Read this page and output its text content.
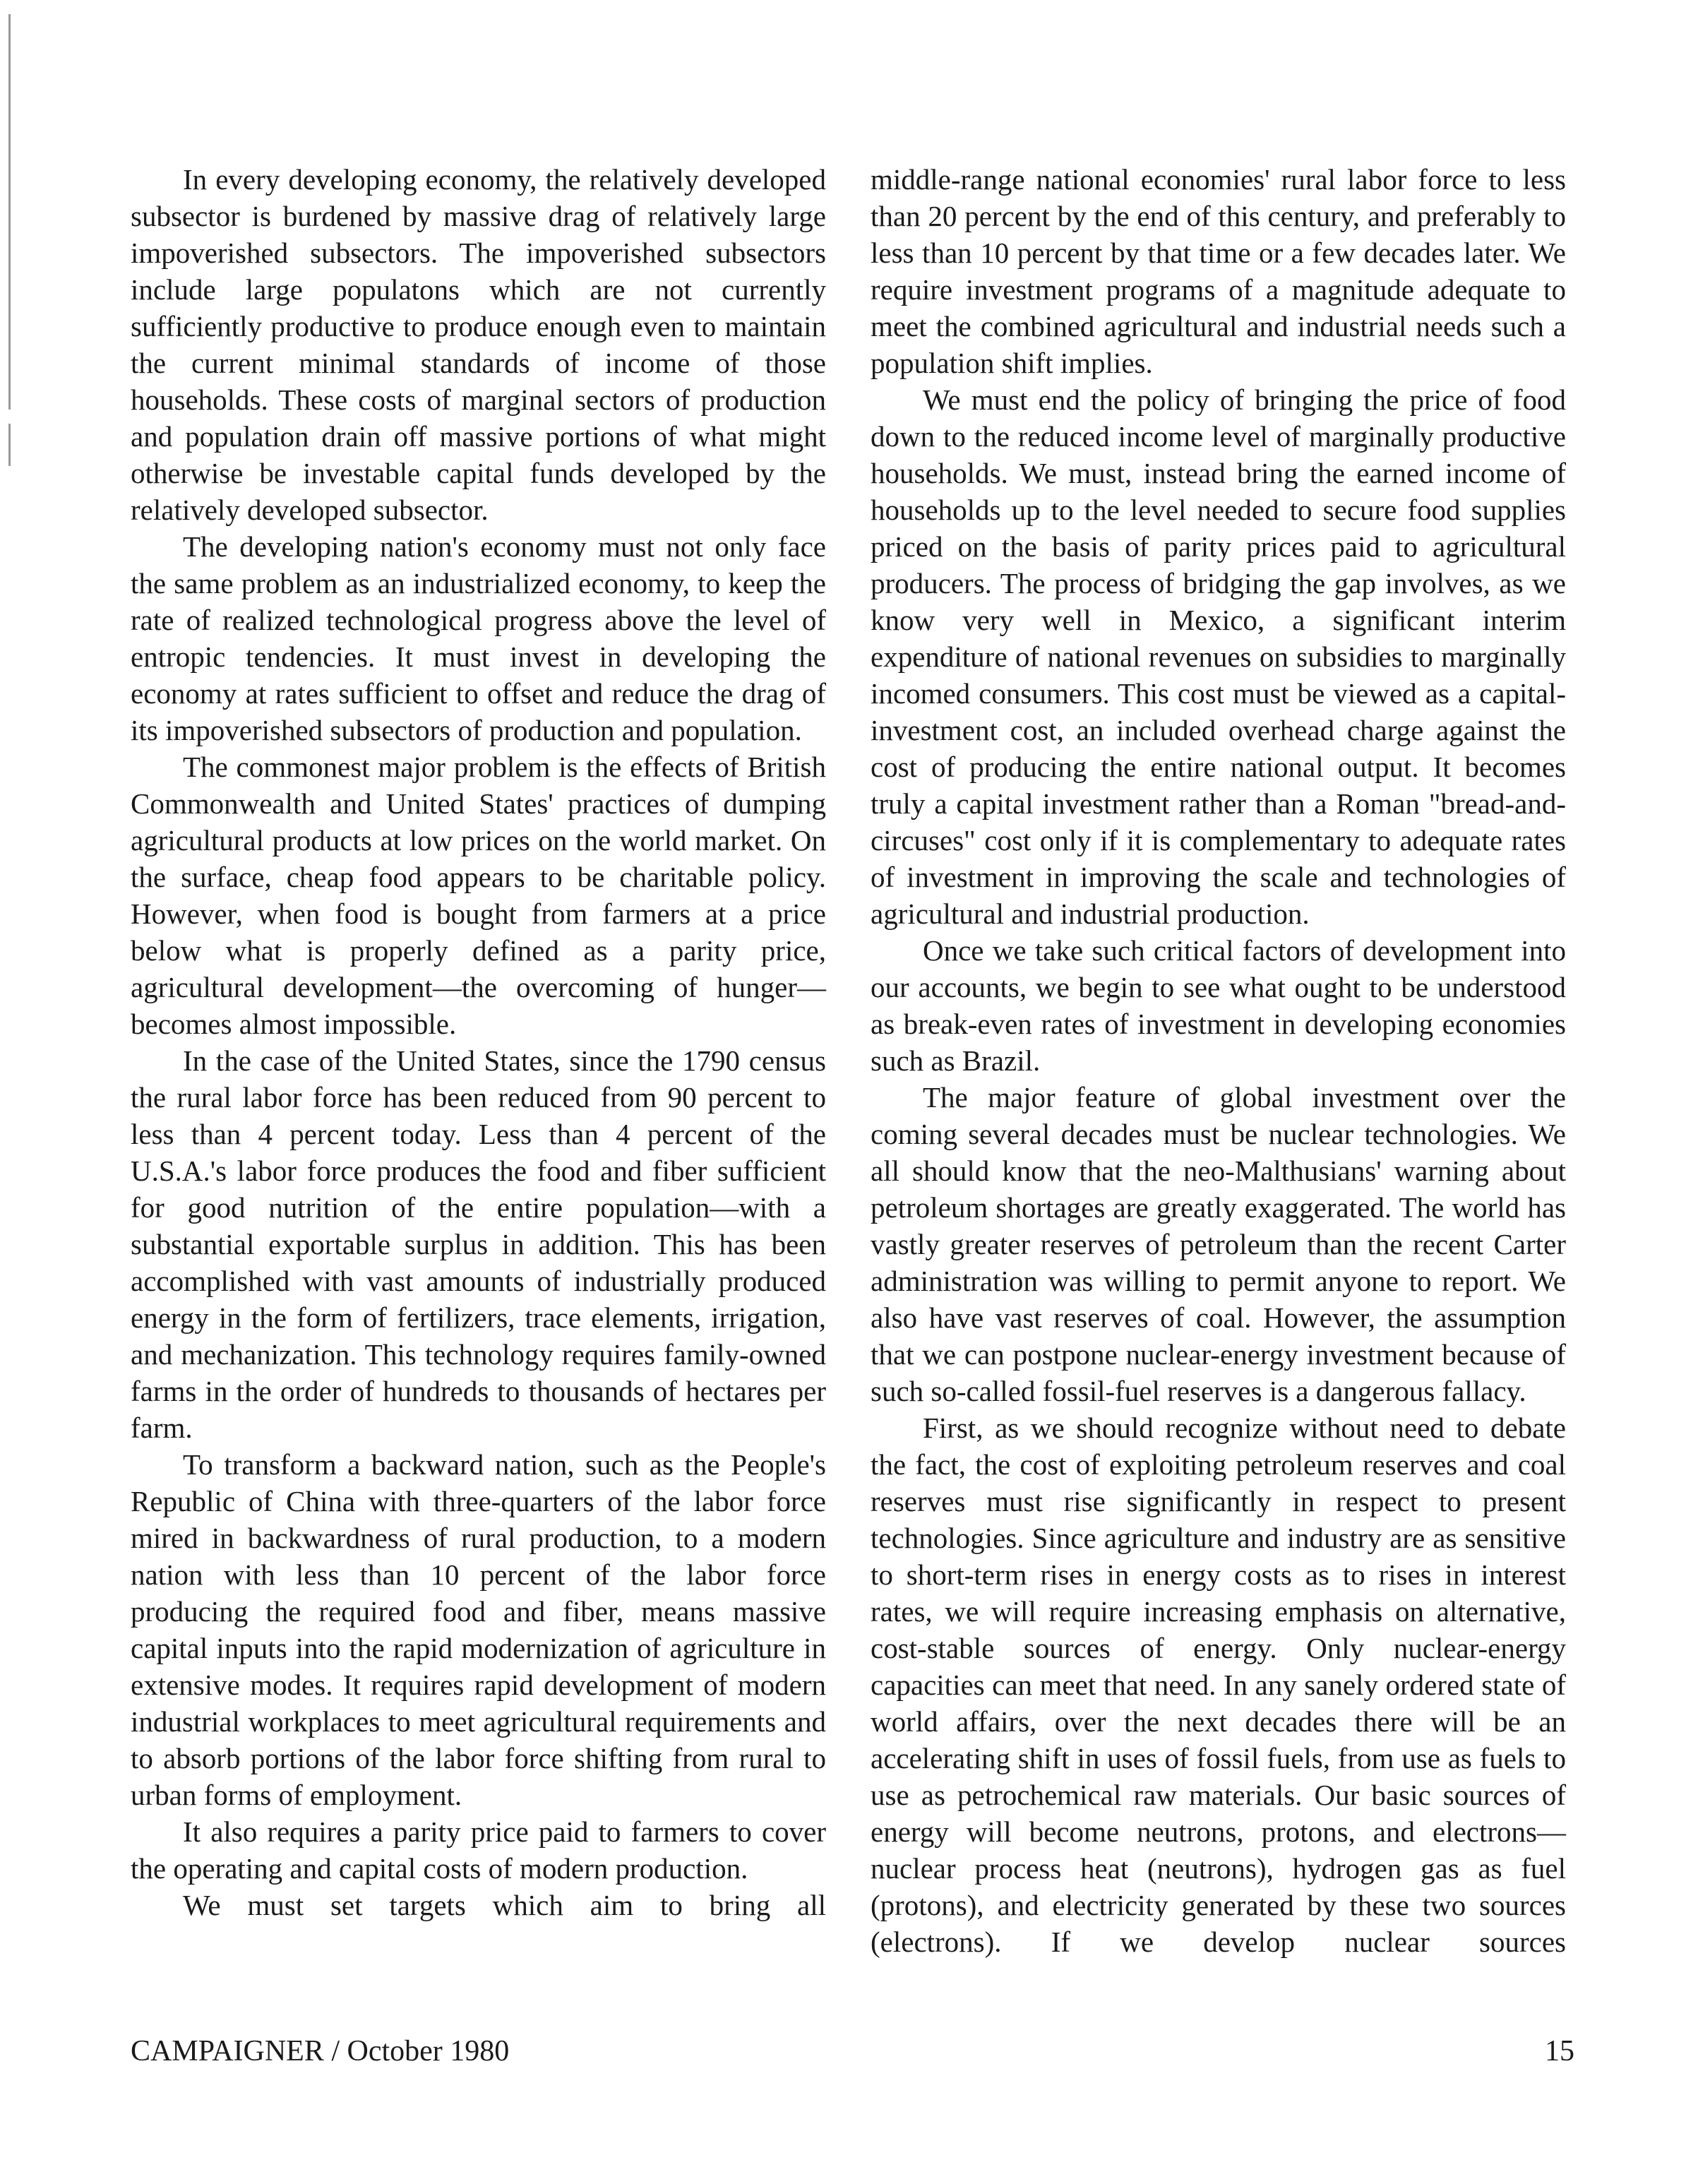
In every developing economy, the relatively developed subsector is burdened by massive drag of relatively large impoverished subsectors. The impoverished subsectors include large populatons which are not currently sufficiently productive to produce enough even to maintain the current minimal standards of income of those households. These costs of marginal sectors of production and population drain off massive portions of what might otherwise be investable capital funds developed by the relatively developed subsector.

The developing nation's economy must not only face the same problem as an industrialized economy, to keep the rate of realized technological progress above the level of entropic tendencies. It must invest in developing the economy at rates sufficient to offset and reduce the drag of its impoverished subsectors of production and population.

The commonest major problem is the effects of British Commonwealth and United States' practices of dumping agricultural products at low prices on the world market. On the surface, cheap food appears to be charitable policy. However, when food is bought from farmers at a price below what is properly defined as a parity price, agricultural development—the overcoming of hunger—becomes almost impossible.

In the case of the United States, since the 1790 census the rural labor force has been reduced from 90 percent to less than 4 percent today. Less than 4 percent of the U.S.A.'s labor force produces the food and fiber sufficient for good nutrition of the entire population—with a substantial exportable surplus in addition. This has been accomplished with vast amounts of industrially produced energy in the form of fertilizers, trace elements, irrigation, and mechanization. This technology requires family-owned farms in the order of hundreds to thousands of hectares per farm.

To transform a backward nation, such as the People's Republic of China with three-quarters of the labor force mired in backwardness of rural production, to a modern nation with less than 10 percent of the labor force producing the required food and fiber, means massive capital inputs into the rapid modernization of agriculture in extensive modes. It requires rapid development of modern industrial workplaces to meet agricultural requirements and to absorb portions of the labor force shifting from rural to urban forms of employment.

It also requires a parity price paid to farmers to cover the operating and capital costs of modern production.

We must set targets which aim to bring all

middle-range national economies' rural labor force to less than 20 percent by the end of this century, and preferably to less than 10 percent by that time or a few decades later. We require investment programs of a magnitude adequate to meet the combined agricultural and industrial needs such a population shift implies.

We must end the policy of bringing the price of food down to the reduced income level of marginally productive households. We must, instead bring the earned income of households up to the level needed to secure food supplies priced on the basis of parity prices paid to agricultural producers. The process of bridging the gap involves, as we know very well in Mexico, a significant interim expenditure of national revenues on subsidies to marginally incomed consumers. This cost must be viewed as a capital-investment cost, an included overhead charge against the cost of producing the entire national output. It becomes truly a capital investment rather than a Roman "bread-and-circuses" cost only if it is complementary to adequate rates of investment in improving the scale and technologies of agricultural and industrial production.

Once we take such critical factors of development into our accounts, we begin to see what ought to be understood as break-even rates of investment in developing economies such as Brazil.

The major feature of global investment over the coming several decades must be nuclear technologies. We all should know that the neo-Malthusians' warning about petroleum shortages are greatly exaggerated. The world has vastly greater reserves of petroleum than the recent Carter administration was willing to permit anyone to report. We also have vast reserves of coal. However, the assumption that we can postpone nuclear-energy investment because of such so-called fossil-fuel reserves is a dangerous fallacy.

First, as we should recognize without need to debate the fact, the cost of exploiting petroleum reserves and coal reserves must rise significantly in respect to present technologies. Since agriculture and industry are as sensitive to short-term rises in energy costs as to rises in interest rates, we will require increasing emphasis on alternative, cost-stable sources of energy. Only nuclear-energy capacities can meet that need. In any sanely ordered state of world affairs, over the next decades there will be an accelerating shift in uses of fossil fuels, from use as fuels to use as petrochemical raw materials. Our basic sources of energy will become neutrons, protons, and electrons—nuclear process heat (neutrons), hydrogen gas as fuel (protons), and electricity generated by these two sources (electrons). If we develop nuclear sources

CAMPAIGNER / October 1980	15
